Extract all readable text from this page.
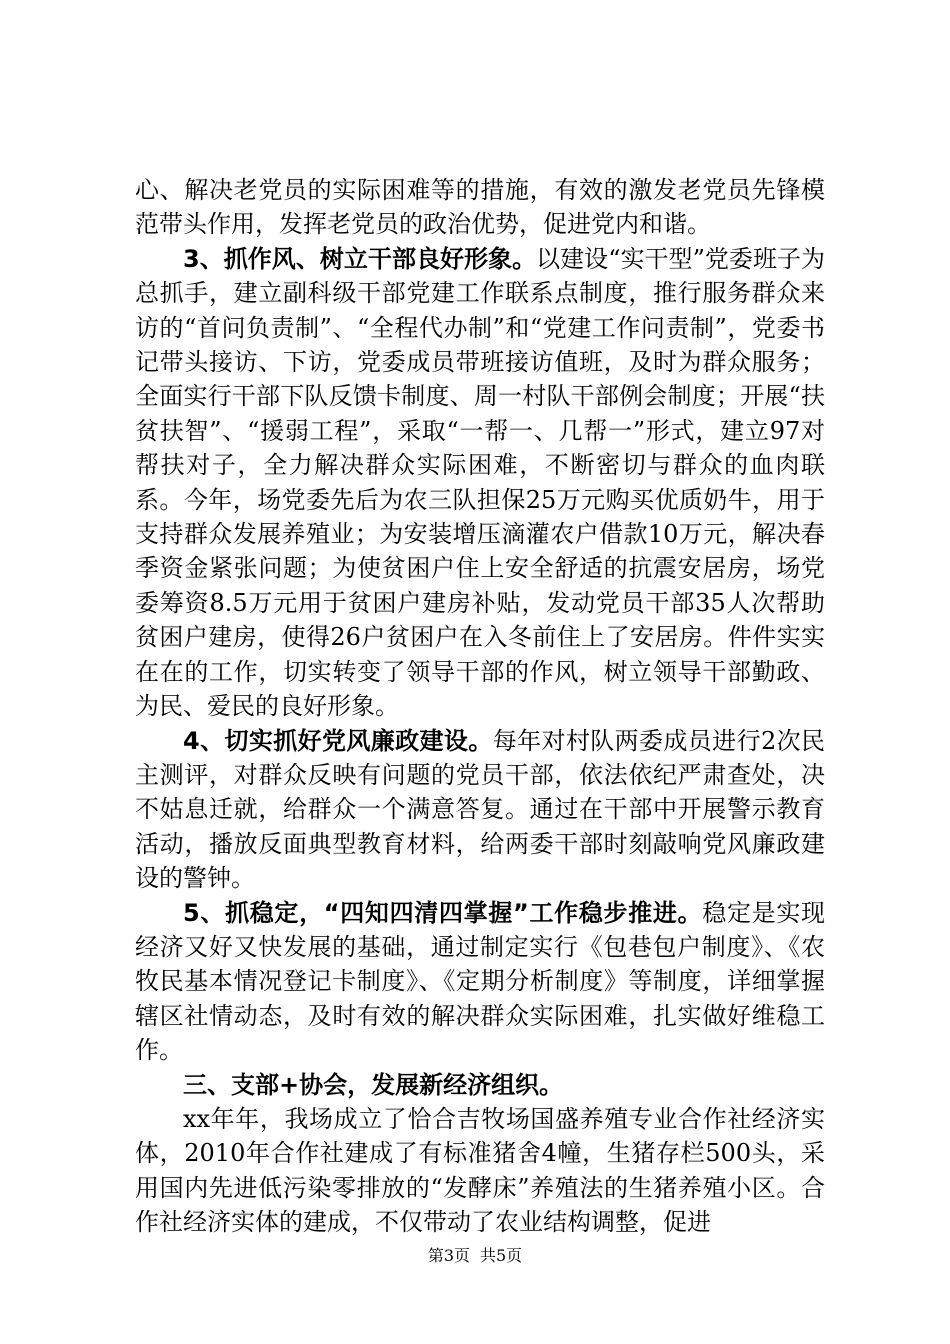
心、解决老党员的实际困难等的措施，有效的激发老党员先锋模范带头作用，发挥老党员的政治优势，促进党内和谐。

3、抓作风、树立干部良好形象。以建设“实干型”党委班子为总抓手，建立副科级干部党建工作联系点制度，推行服务群众来访的“首问负责制”、“全程代办制”和“党建工作问责制”，党委书记带头接访、下访，党委成员带班接访值班，及时为群众服务；全面实行干部下队反馈卡制度、周一村队干部例会制度；开展“扶贫扶智”、“援弱工程”，采取“一帮一、几帮一”形式，建立97对帮扶对子，全力解决群众实际困难，不断密切与群众的血肉联系。今年，场党委先后为农三队担保25万元购买优质奶牛，用于支持群众发展养殖业；为安装增压滴灌农户借款10万元，解决春季资金紧张问题；为使贫困户住上安全舒适的抗震安居房，场党委筹资8.5万元用于贫困户建房补贴，发动党员干部35人次帮助贫困户建房，使得26户贫困户在入冬前住上了安居房。件件实实在在的工作，切实转变了领导干部的作风，树立领导干部勤政、为民、爱民的良好形象。

4、切实抓好党风廉政建设。每年对村队两委成员进行2次民主测评，对群众反映有问题的党员干部，依法依纪严肃查处，决不姑息迁就，给群众一个满意答复。通过在干部中开展警示教育活动，播放反面典型教育材料，给两委干部时刻敲响党风廉政建设的警钟。

5、抓稳定，“四知四清四掌握”工作稳步推进。稳定是实现经济又好又快发展的基础，通过制定实行《包巷包户制度》、《农牧民基本情况登记卡制度》、《定期分析制度》等制度，详细掌握辖区社情动态，及时有效的解决群众实际困难，扎实做好维稳工作。

三、支部+协会，发展新经济组织。

xx年年，我场成立了恰合吉牧场国盛养殖专业合作社经济实体，2010年合作社建成了有标准猪舍4幢，生猪存栏500头，采用国内先进低污染零排放的“发酵床”养殖法的生猪养殖小区。合作社经济实体的建成，不仅带动了农业结构调整，促进

第3页 共5页
